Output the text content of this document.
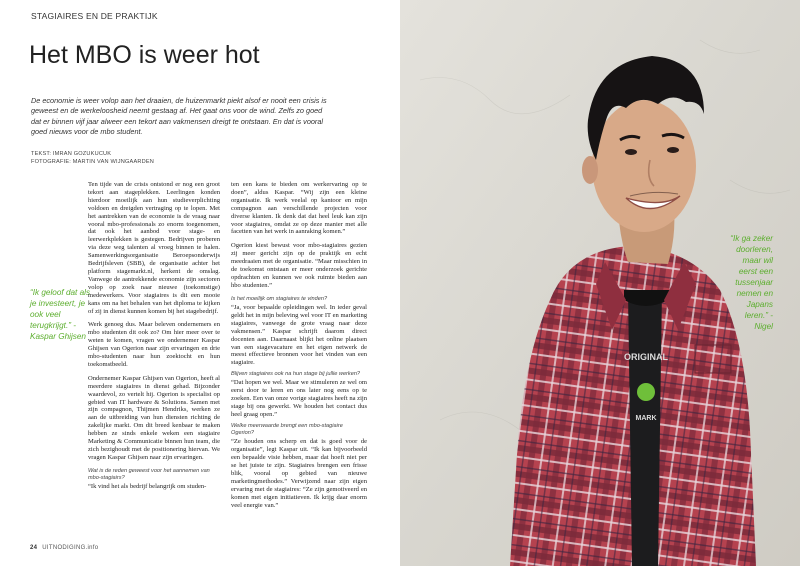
STAGIAIRES EN DE PRAKTIJK
Het MBO is weer hot
De economie is weer volop aan het draaien, de huizenmarkt piekt alsof er nooit een crisis is geweest en de werkeloosheid neemt gestaag af. Het gaat ons voor de wind. Zelfs zo goed dat er binnen vijf jaar alweer een tekort aan vakmensen dreigt te ontstaan. En dat is vooral goed nieuws voor de mbo student.
TEKST: IMRAN GOZUKUCUK
FOTOGRAFIE: MARTIN VAN WIJNGAARDEN
“Ik geloof dat als je investeert, je ook veel terugkrijgt.” - Kaspar Ghijsen

Ten tijde van de crisis ontstond er nog een groot tekort aan stageplekken. Leerlingen konden hierdoor moeilijk aan hun studieverplichting voldoen en dreigden vertraging op te lopen. Met het aantrekken van de economie is de vraag naar vooral mbo-professionals zo enorm toegenomen, dat ook het aanbod voor stage- en leerwerkplekken is gestegen. Bedrijven proberen via deze weg talenten al vroeg binnen te halen. Samenwerkingsorganisatie Beroepsonderwijs Bedrijfsleven (SBB), de organisatie achter het platform stagemarkt.nl, herkent de omslag. Vanwege de aantrekkende economie zijn sectoren volop op zoek naar nieuwe (toekomstige) medewerkers. Voor stagiaires is dit een mooie kans om na het behalen van het diploma te kijken of zij in dienst kunnen komen bij het stagebedrijf.

Werk genoeg dus. Maar beleven ondernemers en mbo studenten dit ook zo? Om hier meer over te weten te komen, vragen we ondernemer Kaspar Ghijsen van Ogerion naar zijn ervaringen en drie mbo-studenten naar hun zoektocht en hun toekomstbeeld.

Ondernemer Kaspar Ghijsen van Ogerion, heeft al meerdere stagiaires in dienst gehad. Bijzonder waardevol, zo vertelt hij. Ogerion is specialist op gebied van IT hardware & Solutions. Samen met zijn compagnon, Thijmen Hendriks, werken ze aan de uitbreiding van hun diensten richting de zakelijke markt. Om dit breed kenbaar te maken hebben ze sinds enkele weken een stagiaire Marketing & Communicatie binnen hun team, die zich bezighoudt met de positionering hiervan. We vragen Kaspar Ghijsen naar zijn ervaringen.

Wat is de reden geweest voor het aannemen van mbo-stagiairs?
“Ik vind het als bedrijf belangrijk om studen-

ten een kans te bieden om werkervaring op te doen”, aldus Kaspar. “Wij zijn een kleine organisatie. Ik werk veelal op kantoor en mijn compagnon aan verschillende projecten voor diverse klanten. Ik denk dat dat heel leuk kan zijn voor stagiaires, omdat ze op deze manier met alle facetten van het werk in aanraking komen.”

Ogerion kiest bewust voor mbo-stagiaires gezien zij meer gericht zijn op de praktijk en echt meedraaien met de organisatie. “Maar misschien in de toekomst ontstaan er meer onderzoek gerichte opdrachten en kunnen we ook ruimte bieden aan hbo studenten.”

Is het moeilijk om stagiaires te vinden?
“Ja, voor bepaalde opleidingen wel. In ieder geval geldt het in mijn beleving wel voor IT en marketing stagiaires, vanwege de grote vraag naar deze vakmensen.” Kaspar schrijft daarom direct docenten aan. Daarnaast blijkt het online plaatsen van een stagevacature en het eigen netwerk de meest effectieve bronnen voor het vinden van een stagiaire.
Blijven stagiaires ook na hun stage bij jullie werken?
“Dat hopen we wel. Maar we stimuleren ze wel om eerst door te leren en ons later nog eens op te zoeken. Een van onze vorige stagiaires heeft na zijn stage bij ons gewerkt. We houden het contact dus heel graag open.”
Welke meerwaarde brengt een mbo-stagiaire Ogerion?
“Ze houden ons scherp en dat is goed voor de organisatie”, legt Kaspar uit. “Ik kan bijvoorbeeld een bepaalde visie hebben, maar dat hoeft niet per se het juiste te zijn. Stagiaires brengen een frisse blik, vooral op gebied van nieuwe marketingmethodes.” Verwijzend naar zijn eigen ervaring met de stagiaires: “Ze zijn gemotiveerd en komen met eigen initiatieven. Ik krijg daar enorm veel energie van.”
24 UITNODIGING.info
ORIGINAL
MARK
“Ik ga zeker doorleren, maar wil eerst een tussenjaar nemen en Japans leren.” - Nigel
